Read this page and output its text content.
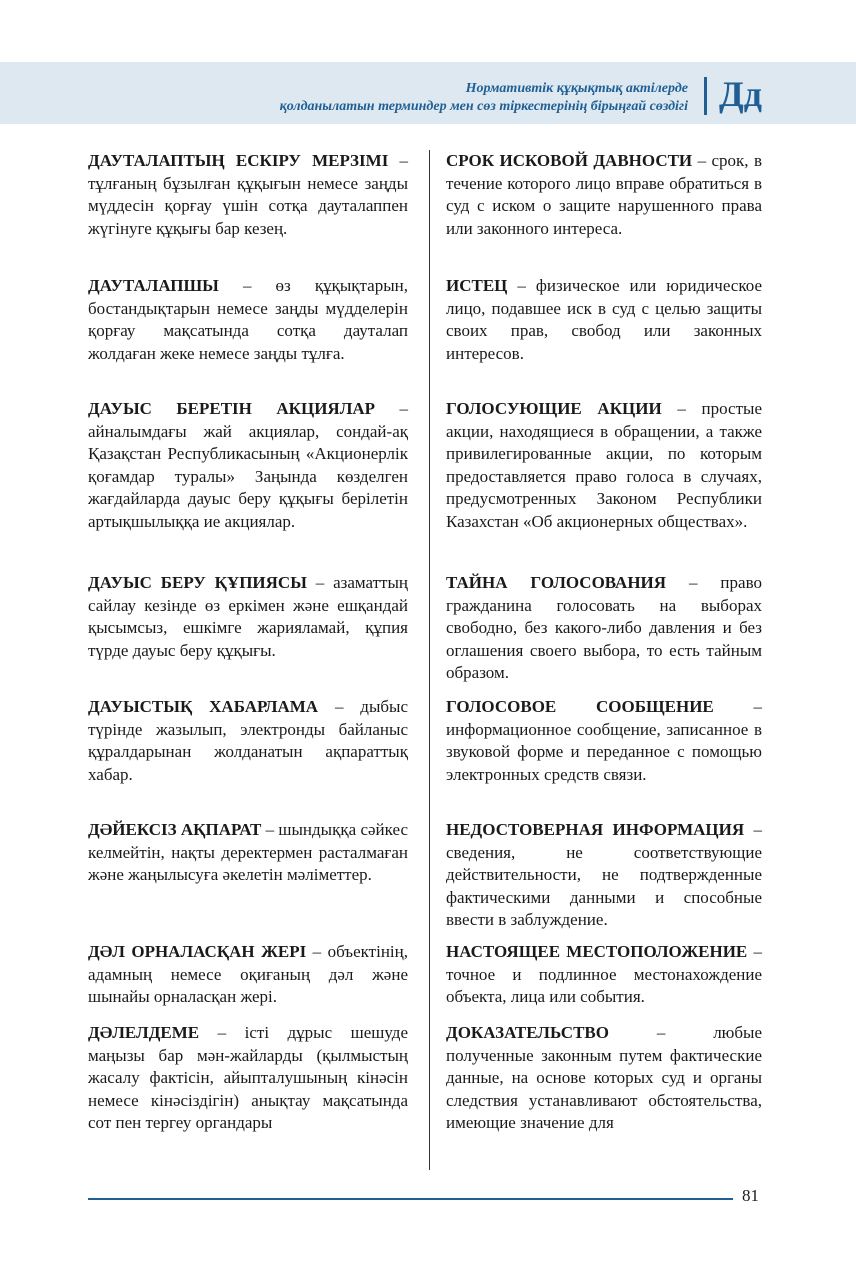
Нормативтік құқықтық актілерде
қолданылатын терминдер мен сөз тіркестерінің бірыңғай сөздігі Дд
ДАУТАЛАПТЫҢ ЕСКІРУ МЕРЗІМІ – тұлғаның бұзылған құқығын немесе заңды мүддесін қорғау үшін сотқа дауталаппен жүгінуге құқығы бар кезең.
ДАУТАЛАПШЫ – өз құқықтарын, бостандықтарын немесе заңды мүдделерін қорғау мақсатында сотқа дауталап жолдаған жеке немесе заңды тұлға.
ДАУЫС БЕРЕТІН АКЦИЯЛАР – айналымдағы жай акциялар, сондай-ақ Қазақстан Республикасының «Акционерлік қоғамдар туралы» Заңында көзделген жағдайларда дауыс беру құқығы берілетін артықшылыққа ие акциялар.
ДАУЫС БЕРУ ҚҰПИЯСЫ – азаматтың сайлау кезінде өз еркімен және ешқандай қысымсыз, ешкімге жарияламай, құпия түрде дауыс беру құқығы.
ДАУЫСТЫҚ ХАБАРЛАМА – дыбыс түрінде жазылып, электронды байланыс құралдарынан жолданатын ақпараттық хабар.
ДӘЙЕКСІЗ АҚПАРАТ – шындыққа сәйкес келмейтін, нақты деректермен расталмаған және жаңылысуға әкелетін мәліметтер.
ДӘЛ ОРНАЛАСҚАН ЖЕРІ – объектінің, адамның немесе оқиғаның дәл және шынайы орналасқан жері.
ДӘЛЕЛДЕМЕ – істі дұрыс шешуде маңызы бар мән-жайларды (қылмыстың жасалу фактісін, айыпталушының кінәсін немесе кінәсіздігін) анықтау мақсатында сот пен тергеу органдары
СРОК ИСКОВОЙ ДАВНОСТИ – срок, в течение которого лицо вправе обратиться в суд с иском о защите нарушенного права или законного интереса.
ИСТЕЦ – физическое или юридическое лицо, подавшее иск в суд с целью защиты своих прав, свобод или законных интересов.
ГОЛОСУЮЩИЕ АКЦИИ – простые акции, находящиеся в обращении, а также привилегированные акции, по которым предоставляется право голоса в случаях, предусмотренных Законом Республики Казахстан «Об акционерных обществах».
ТАЙНА ГОЛОСОВАНИЯ – право гражданина голосовать на выборах свободно, без какого-либо давления и без оглашения своего выбора, то есть тайным образом.
ГОЛОСОВОЕ СООБЩЕНИЕ – информационное сообщение, записанное в звуковой форме и переданное с помощью электронных средств связи.
НЕДОСТОВЕРНАЯ ИНФОРМАЦИЯ – сведения, не соответствующие действительности, не подтвержденные фактическими данными и способные ввести в заблуждение.
НАСТОЯЩЕЕ МЕСТОПОЛОЖЕНИЕ – точное и подлинное местонахождение объекта, лица или события.
ДОКАЗАТЕЛЬСТВО – любые полученные законным путем фактические данные, на основе которых суд и органы следствия устанавливают обстоятельства, имеющие значение для
81
